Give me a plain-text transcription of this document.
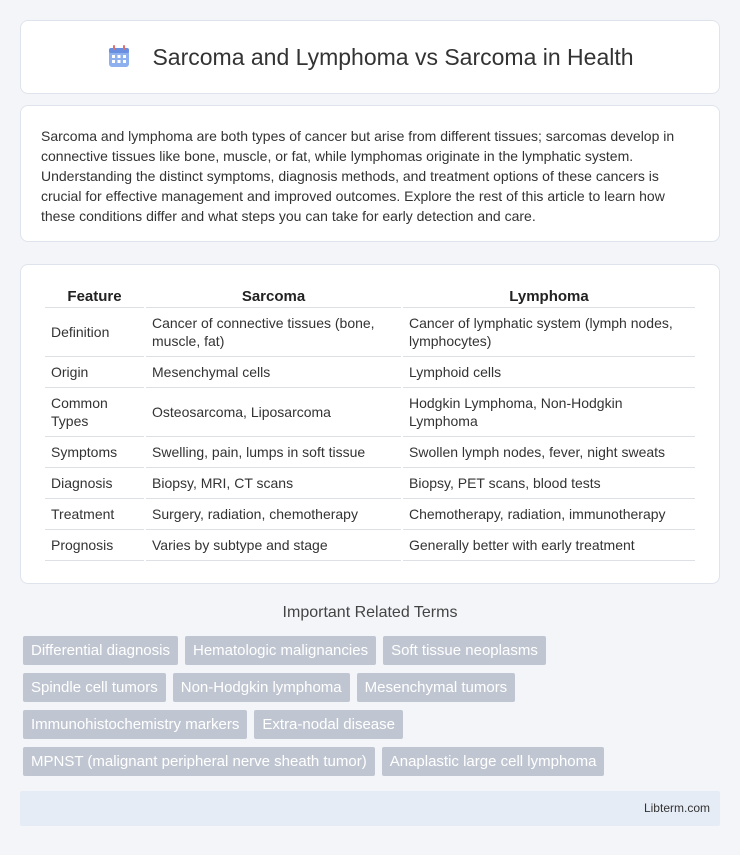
Sarcoma and Lymphoma vs Sarcoma in Health

Sarcoma and lymphoma are both types of cancer but arise from different tissues; sarcomas develop in connective tissues like bone, muscle, or fat, while lymphomas originate in the lymphatic system. Understanding the distinct symptoms, diagnosis methods, and treatment options of these cancers is crucial for effective management and improved outcomes. Explore the rest of this article to learn how these conditions differ and what steps you can take for early detection and care.

Feature	Sarcoma	Lymphoma
Definition	Cancer of connective tissues (bone, muscle, fat)	Cancer of lymphatic system (lymph nodes, lymphocytes)
Origin	Mesenchymal cells	Lymphoid cells
Common Types	Osteosarcoma, Liposarcoma	Hodgkin Lymphoma, Non-Hodgkin Lymphoma
Symptoms	Swelling, pain, lumps in soft tissue	Swollen lymph nodes, fever, night sweats
Diagnosis	Biopsy, MRI, CT scans	Biopsy, PET scans, blood tests
Treatment	Surgery, radiation, chemotherapy	Chemotherapy, radiation, immunotherapy
Prognosis	Varies by subtype and stage	Generally better with early treatment
Important Related Terms
Differential diagnosis	Hematologic malignancies	Soft tissue neoplasms
Spindle cell tumors	Non-Hodgkin lymphoma	Mesenchymal tumors
Immunohistochemistry markers	Extra-nodal disease
MPNST (malignant peripheral nerve sheath tumor)	Anaplastic large cell lymphoma
Libterm.com
